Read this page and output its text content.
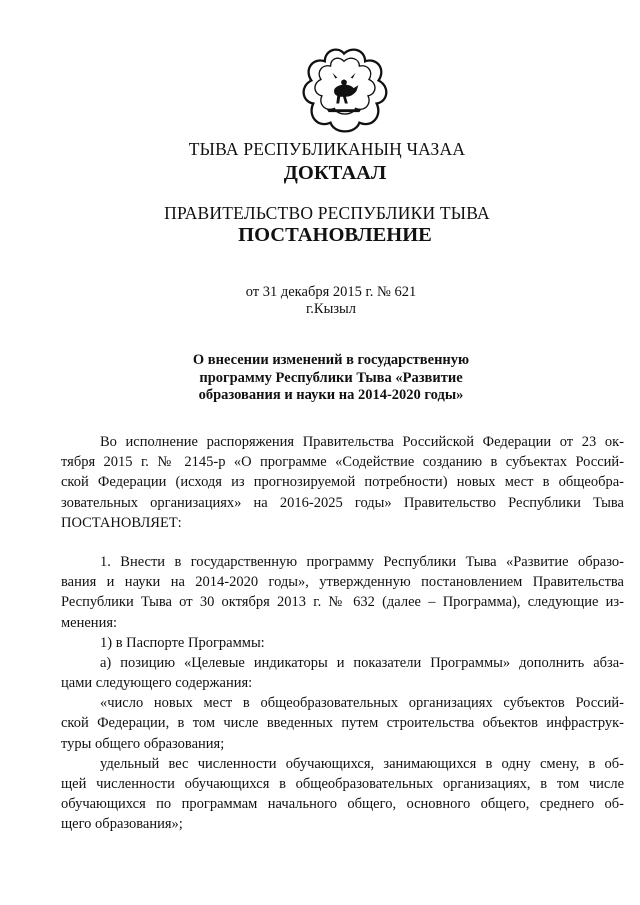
ТЫВА РЕСПУБЛИКАНЫҢ ЧАЗАА
ДОКТААЛ
ПРАВИТЕЛЬСТВО РЕСПУБЛИКИ ТЫВА
ПОСТАНОВЛЕНИЕ
от 31 декабря 2015 г. № 621
г.Кызыл
О внесении изменений в государственную
программу Республики Тыва «Развитие
образования и науки на 2014-2020 годы»
Во исполнение распоряжения Правительства Российской Федерации от 23 ок-
тября 2015 г. № 2145-р «О программе «Содействие созданию в субъектах Россий-
ской Федерации (исходя из прогнозируемой потребности) новых мест в общеобра-
зовательных организациях» на 2016-2025 годы» Правительство Республики Тыва
ПОСТАНОВЛЯЕТ:
1. Внести в государственную программу Республики Тыва «Развитие образо-
вания и науки на 2014-2020 годы», утвержденную постановлением Правительства
Республики Тыва от 30 октября 2013 г. № 632 (далее – Программа), следующие из-
менения:
1) в Паспорте Программы:
а) позицию «Целевые индикаторы и показатели Программы» дополнить абза-
цами следующего содержания:
«число новых мест в общеобразовательных организациях субъектов Россий-
ской Федерации, в том числе введенных путем строительства объектов инфраструк-
туры общего образования;
удельный вес численности обучающихся, занимающихся в одну смену, в об-
щей численности обучающихся в общеобразовательных организациях, в том числе
обучающихся по программам начального общего, основного общего, среднего об-
щего образования»;
